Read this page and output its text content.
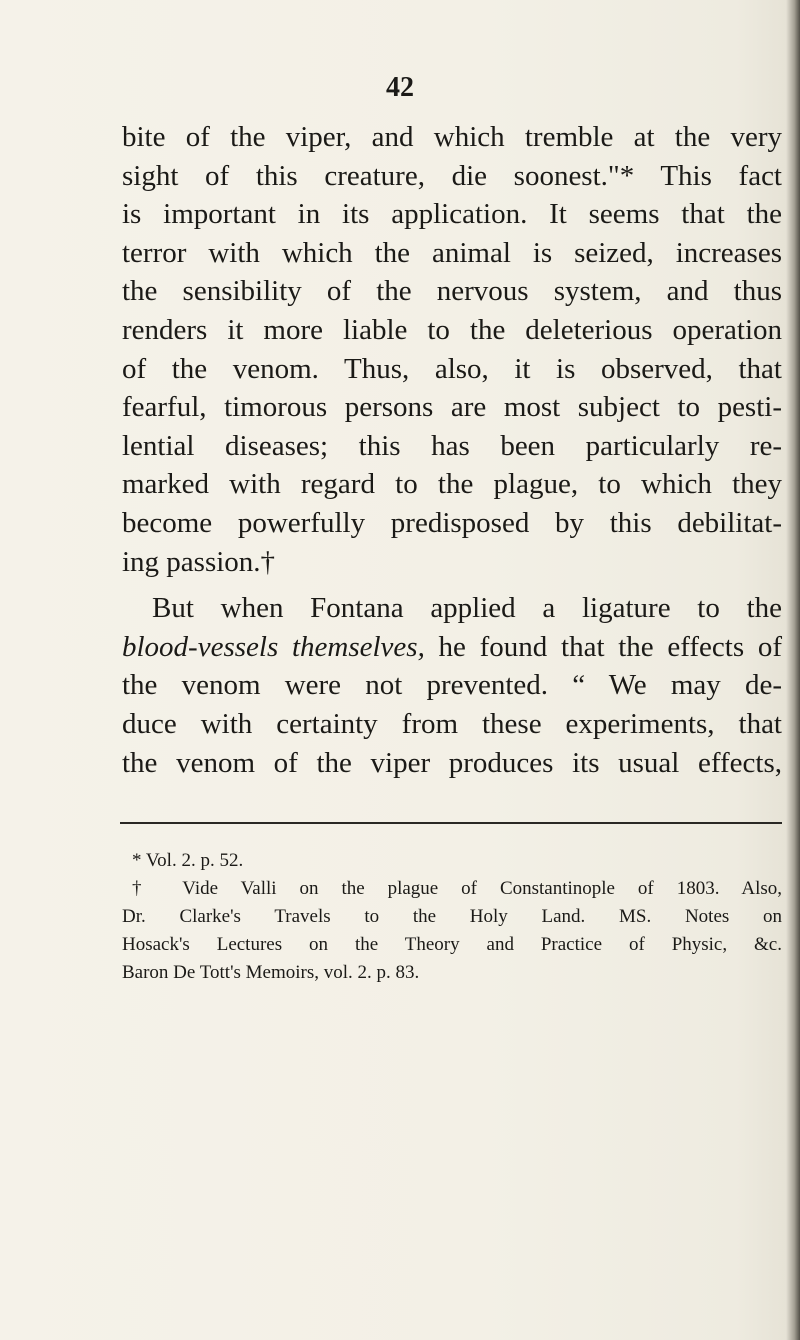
42
bite of the viper, and which tremble at the very
sight of this creature, die soonest."* This fact
is important in its application. It seems that the
terror with which the animal is seized, increases
the sensibility of the nervous system, and thus
renders it more liable to the deleterious operation
of the venom. Thus, also, it is observed, that
fearful, timorous persons are most subject to pesti-
lential diseases; this has been particularly re-
marked with regard to the plague, to which they
become powerfully predisposed by this debilitat-
ing passion.†
But when Fontana applied a ligature to the
blood-vessels themselves, he found that the effects of
the venom were not prevented. “ We may de-
duce with certainty from these experiments, that
the venom of the viper produces its usual effects,
* Vol. 2. p. 52.
† Vide Valli on the plague of Constantinople of 1803. Also,
Dr. Clarke's Travels to the Holy Land. MS. Notes on
Hosack's Lectures on the Theory and Practice of Physic, &c.
Baron De Tott's Memoirs, vol. 2. p. 83.
